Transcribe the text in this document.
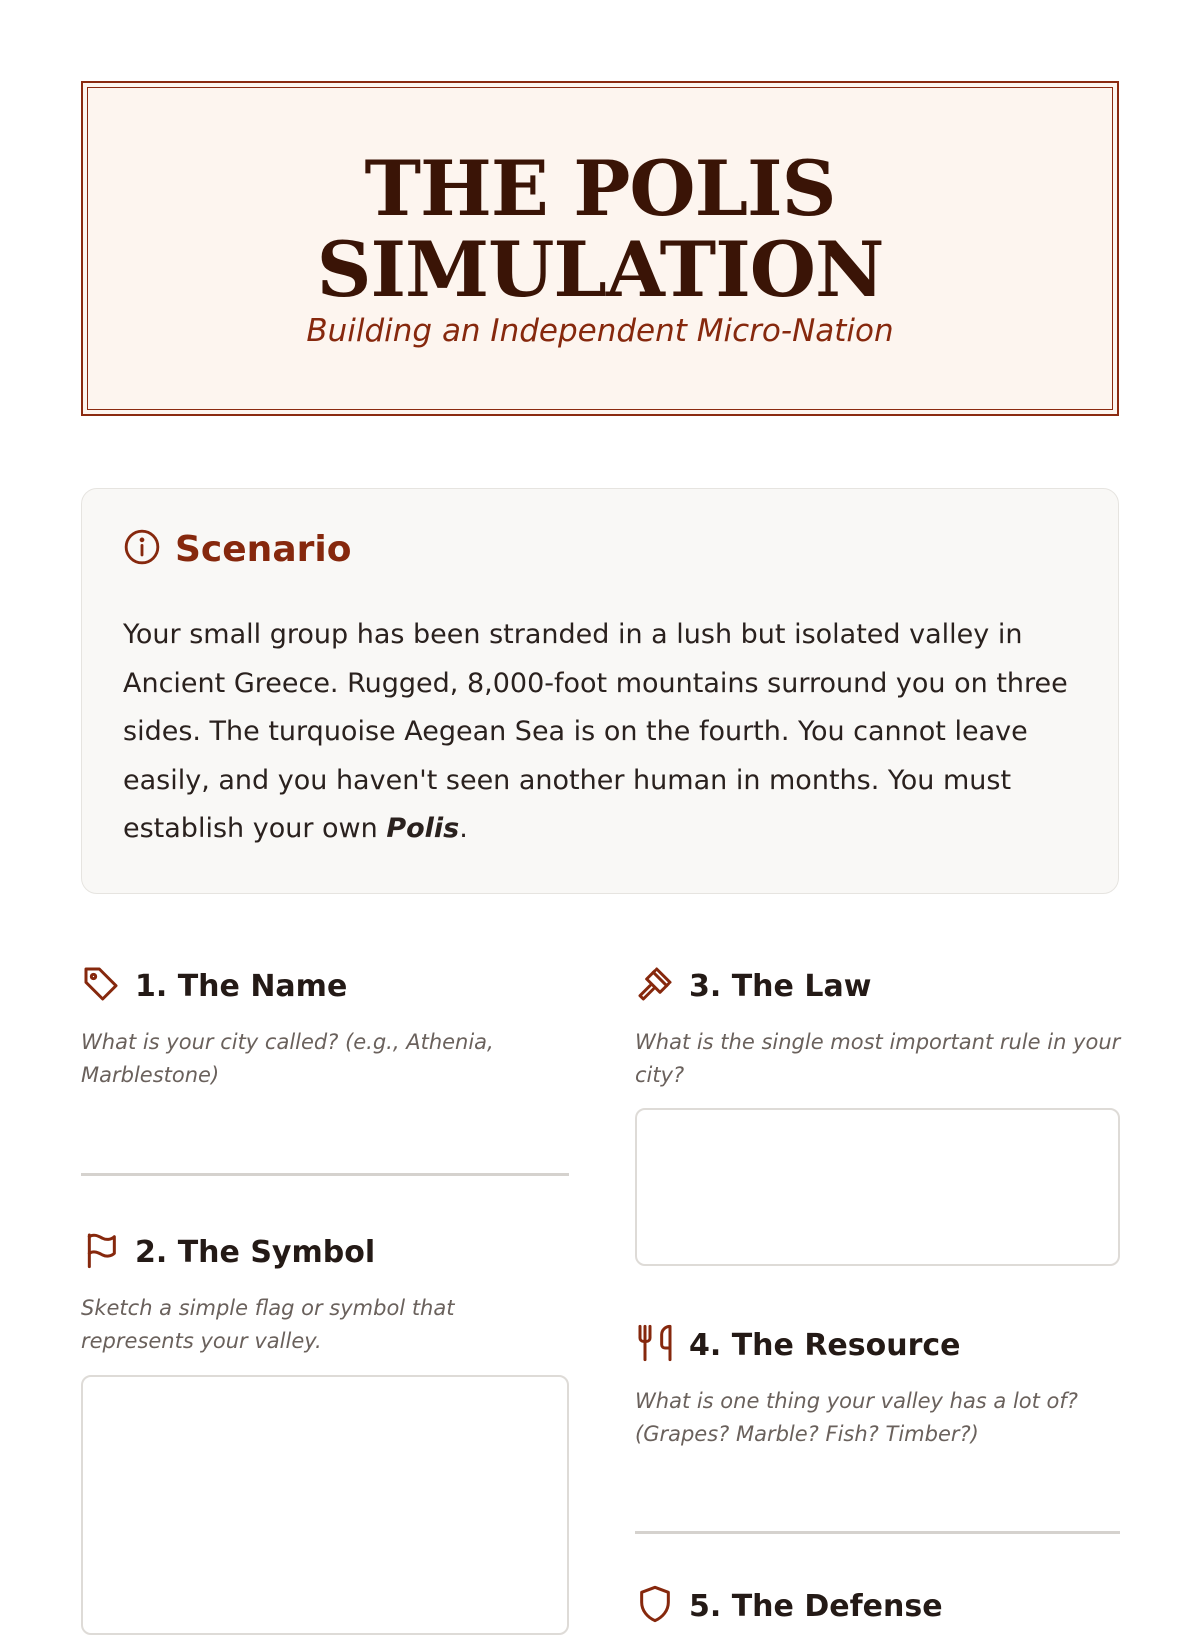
THE POLIS
SIMULATION
Building an Independent Micro-Nation
Scenario
Your small group has been stranded in a lush but isolated valley in Ancient Greece. Rugged, 8,000-foot mountains surround you on three sides. The turquoise Aegean Sea is on the fourth. You cannot leave easily, and you haven't seen another human in months. You must establish your own Polis.
1. The Name
What is your city called? (e.g., Athenia, Marblestone)
2. The Symbol
Sketch a simple flag or symbol that represents your valley.
3. The Law
What is the single most important rule in your city?
4. The Resource
What is one thing your valley has a lot of? (Grapes? Marble? Fish? Timber?)
5. The Defense
